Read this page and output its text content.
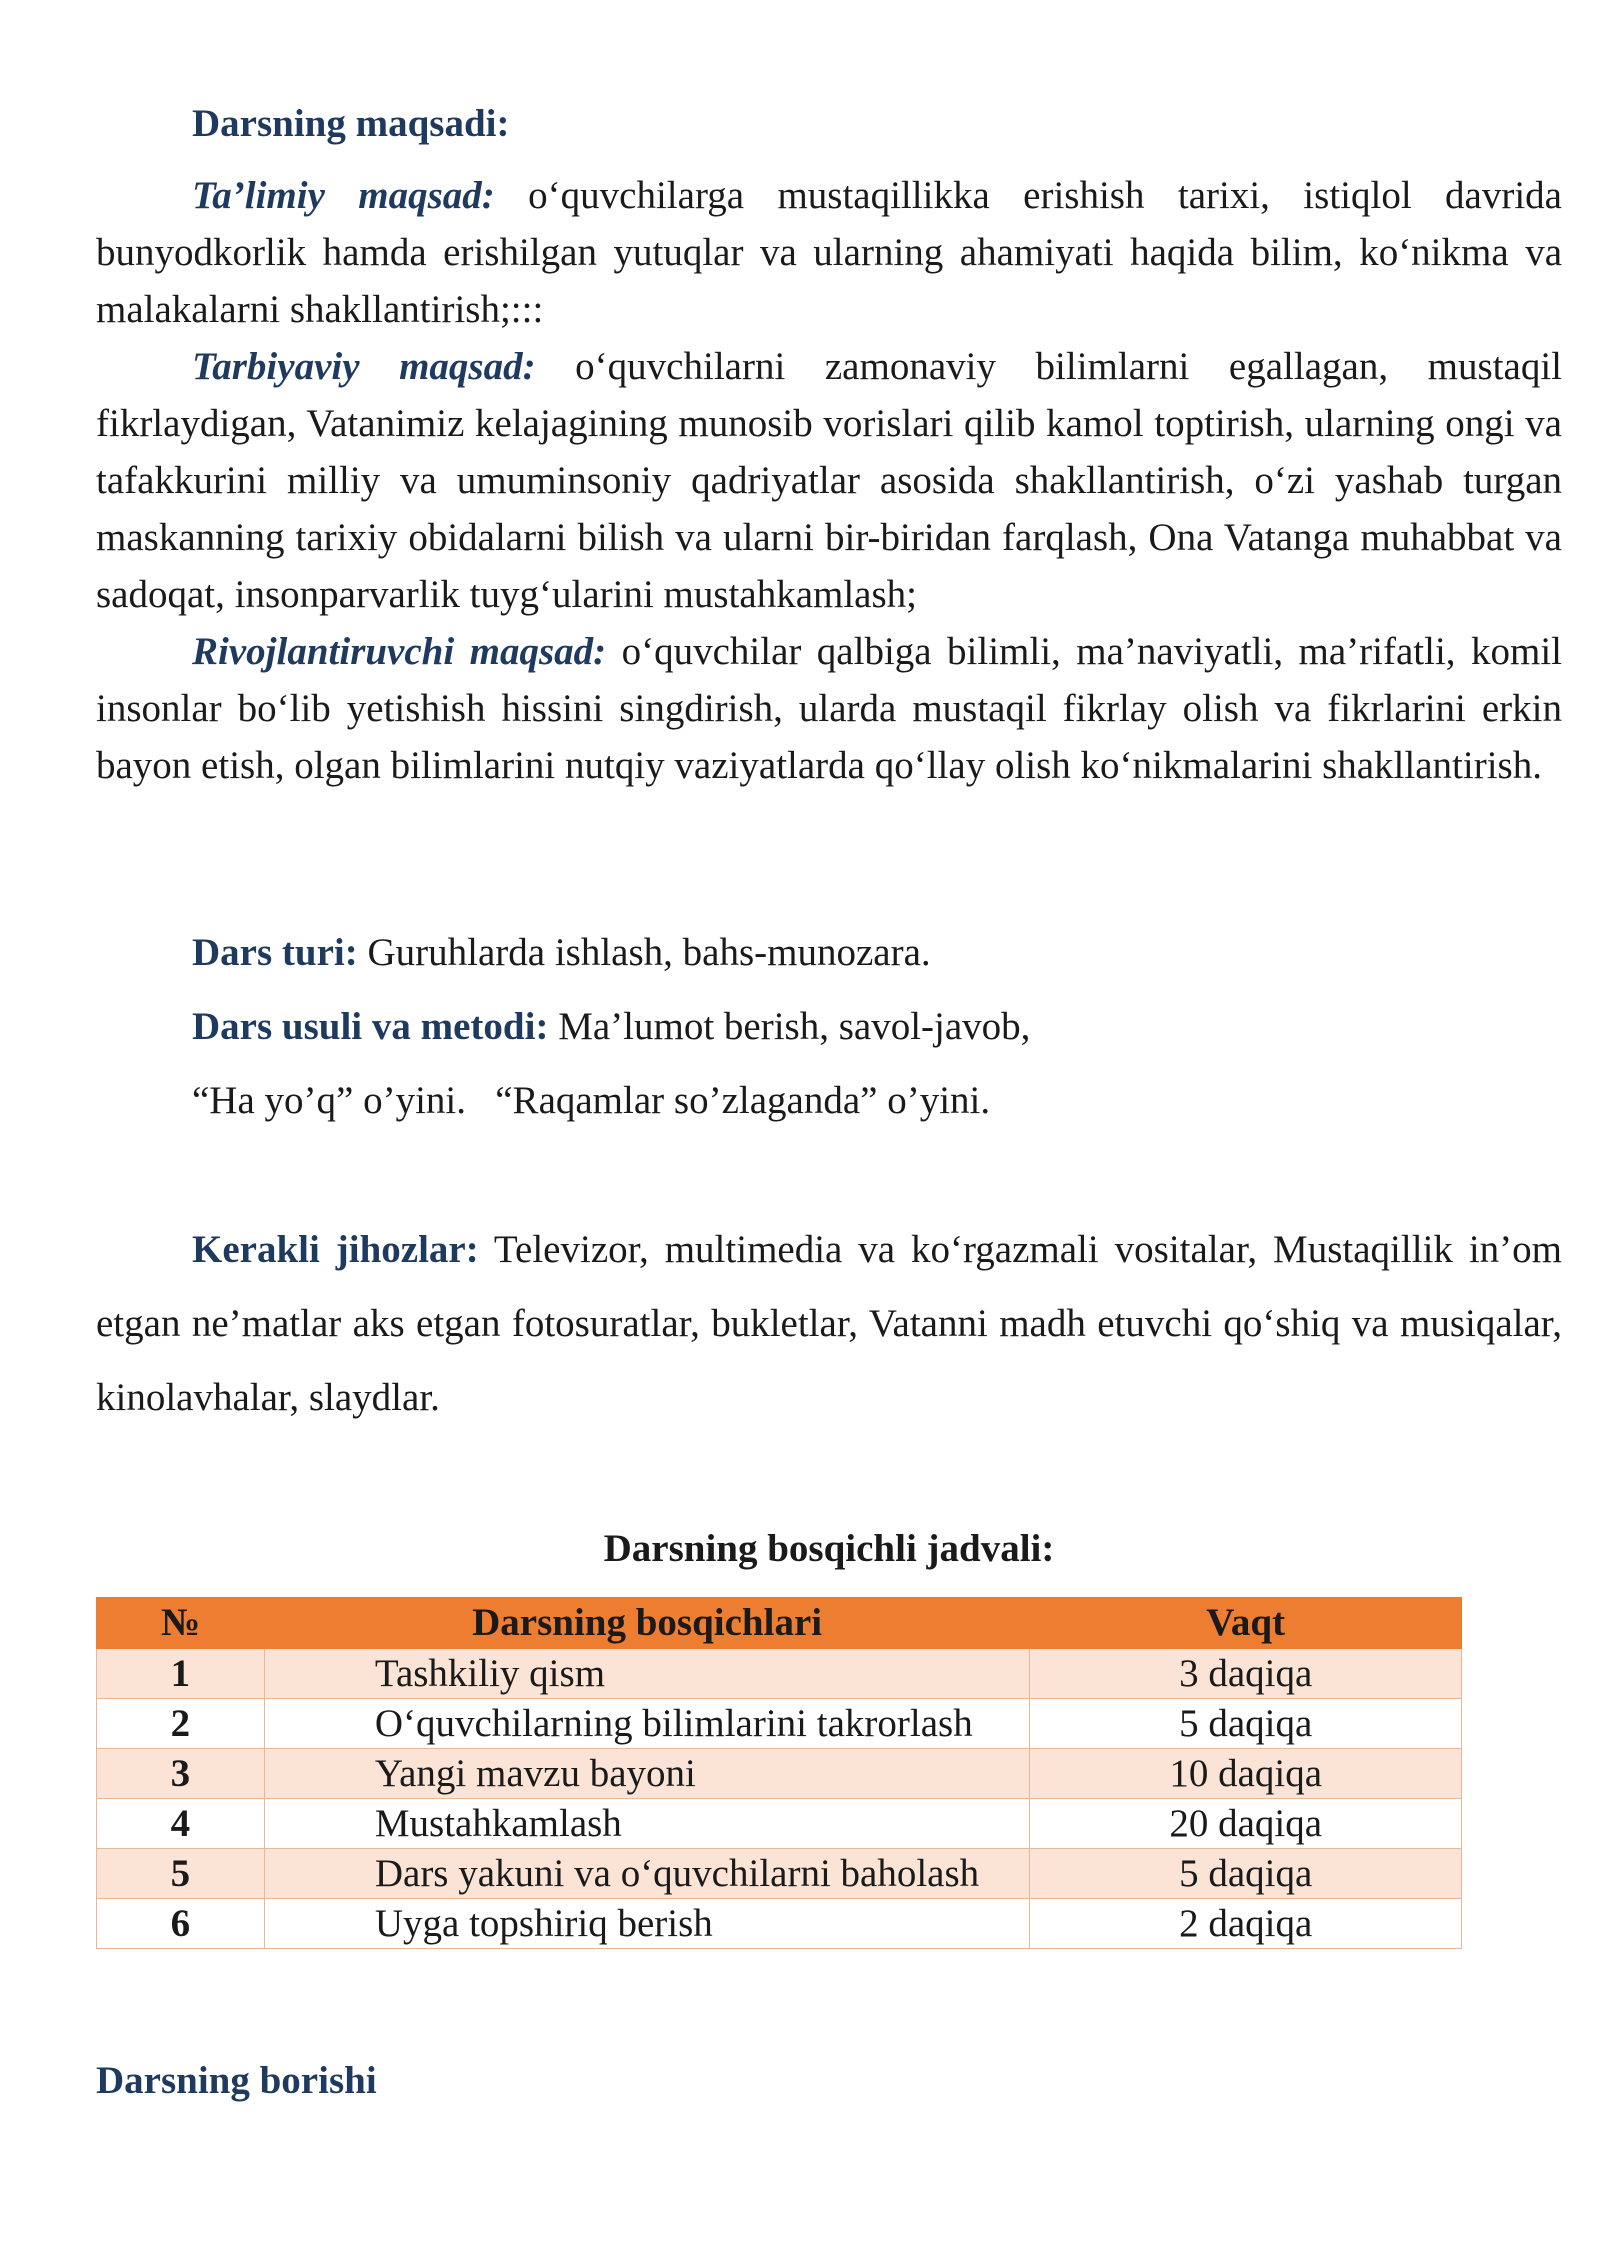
Darsning maqsadi:

Ta’limiy maqsad: o‘quvchilarga mustaqillikka erishish tarixi, istiqlol davrida bunyodkorlik hamda erishilgan yutuqlar va ularning ahamiyati haqida bilim, ko‘nikma va malakalarni shakllantirish;:::

Tarbiyaviy maqsad: o‘quvchilarni zamonaviy bilimlarni egallagan, mustaqil fikrlaydigan, Vatanimiz kelajagining munosib vorislari qilib kamol toptirish, ularning ongi va tafakkurini milliy va umuminsoniy qadriyatlar asosida shakllantirish, o‘zi yashab turgan maskanning tarixiy obidalarni bilish va ularni bir-biridan farqlash, Ona Vatanga muhabbat va sadoqat, insonparvarlik tuyg‘ularini mustahkamlash;

Rivojlantiruvchi maqsad: o‘quvchilar qalbiga bilimli, ma’naviyatli, ma’rifatli, komil insonlar bo‘lib yetishish hissini singdirish, ularda mustaqil fikrlay olish va fikrlarini erkin bayon etish, olgan bilimlarini nutqiy vaziyatlarda qo‘llay olish ko‘nikmalarini shakllantirish.

Dars turi: Guruhlarda ishlash, bahs-munozara.

Dars usuli va metodi: Ma’lumot berish, savol-javob,

“Ha yo’q” o’yini.   “Raqamlar so’zlaganda” o’yini.

Kerakli jihozlar: Televizor, multimedia va ko‘rgazmali vositalar, Mustaqillik in’om etgan ne’matlar aks etgan fotosuratlar, bukletlar, Vatanni madh etuvchi qo‘shiq va musiqalar, kinolavhalar, slaydlar.

Darsning bosqichli jadvali:
№	Darsning bosqichlari	Vaqt
1	Tashkiliy qism	3 daqiqa
2	O‘quvchilarning bilimlarini takrorlash	5 daqiqa
3	Yangi mavzu bayoni	10 daqiqa
4	Mustahkamlash	20 daqiqa
5	Dars yakuni va o‘quvchilarni baholash	5 daqiqa
6	Uyga topshiriq berish	2 daqiqa
Darsning borishi
